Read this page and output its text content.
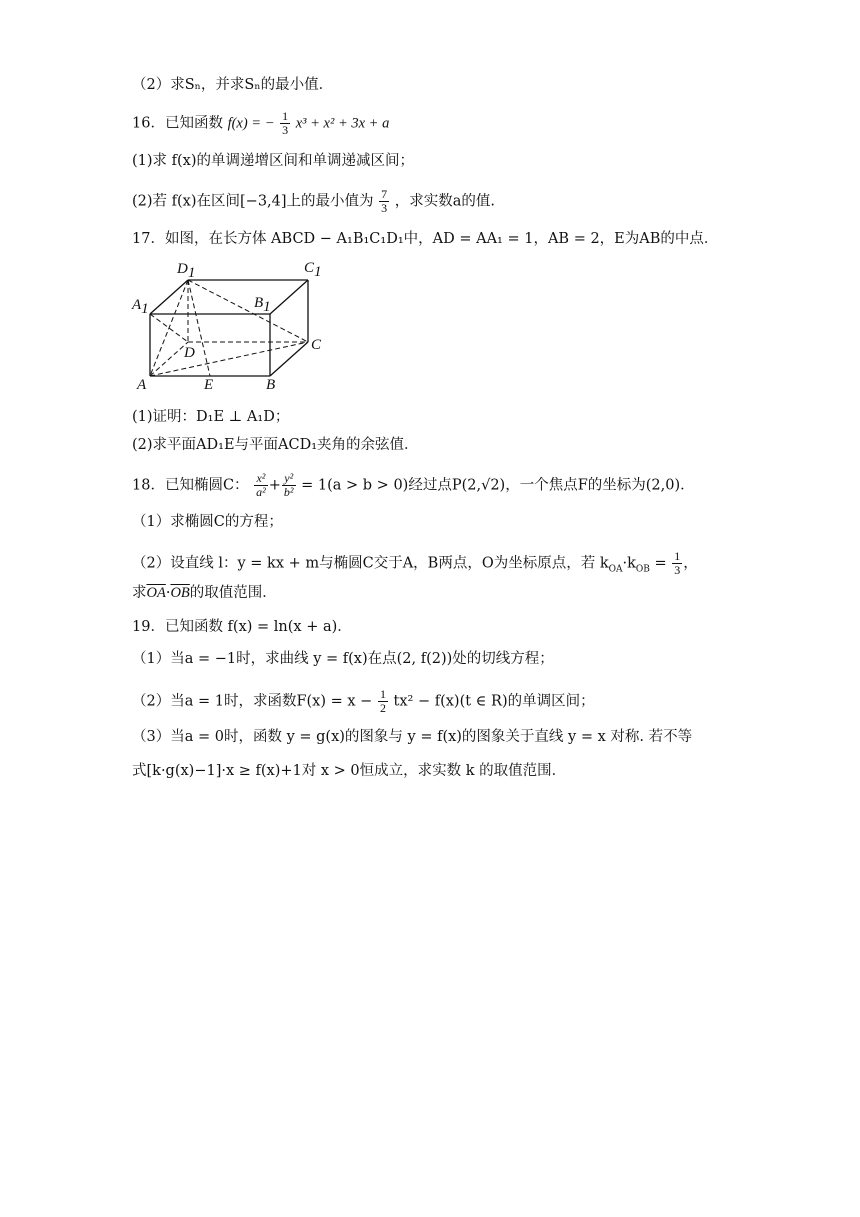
（2）求Sₙ，并求Sₙ的最小值．
16．已知函数 f(x) = − $\frac{1}{3} x^3 + x^2 + 3x + a$
(1)求 f(x)的单调递增区间和单调递减区间；
(2)若 f(x)在区间[−3,4]上的最小值为 $\frac{7}{3}$ ，求实数a的值.
17．如图，在长方体 ABCD − A₁B₁C₁D₁中，AD = AA₁ = 1，AB = 2，E为AB的中点．
D1	C1
A1	B1
D	C
A	E	B
(1)证明：D₁E ⊥ A₁D；
(2)求平面AD₁E与平面ACD₁夹角的余弦值．
18．已知椭圆C： $\frac{\text{x²}}{\text{a²}} + \frac{\text{y²}}{\text{b²}} = 1(a > b > 0)$经过点P(2,√2)，一个焦点F的坐标为(2,0)．
（1）求椭圆C的方程；
（2）设直线 l：y = kx + m与椭圆C交于A，B两点，O为坐标原点，若 $k_{OA}\cdot k_{OB} = \frac{1}{3}$ ，
求$\overline{OA}\cdot\overline{OB}$的取值范围．
19．已知函数 f(x) = ln(x + a)．
（1）当a = −1时，求曲线 y = f(x)在点(2, f(2))处的切线方程；
（2）当a = 1时，求函数$F(x) = x - \frac{1}{2} tx^2 - f(x)(t$ ∈ R)的单调区间；
（3）当a = 0时，函数 y = g(x)的图象与 y = f(x)的图象关于直线 y = x 对称. 若不等
式[k·g(x)−1]·x ≥ f(x)+1对 x > 0恒成立，求实数 k 的取值范围．
